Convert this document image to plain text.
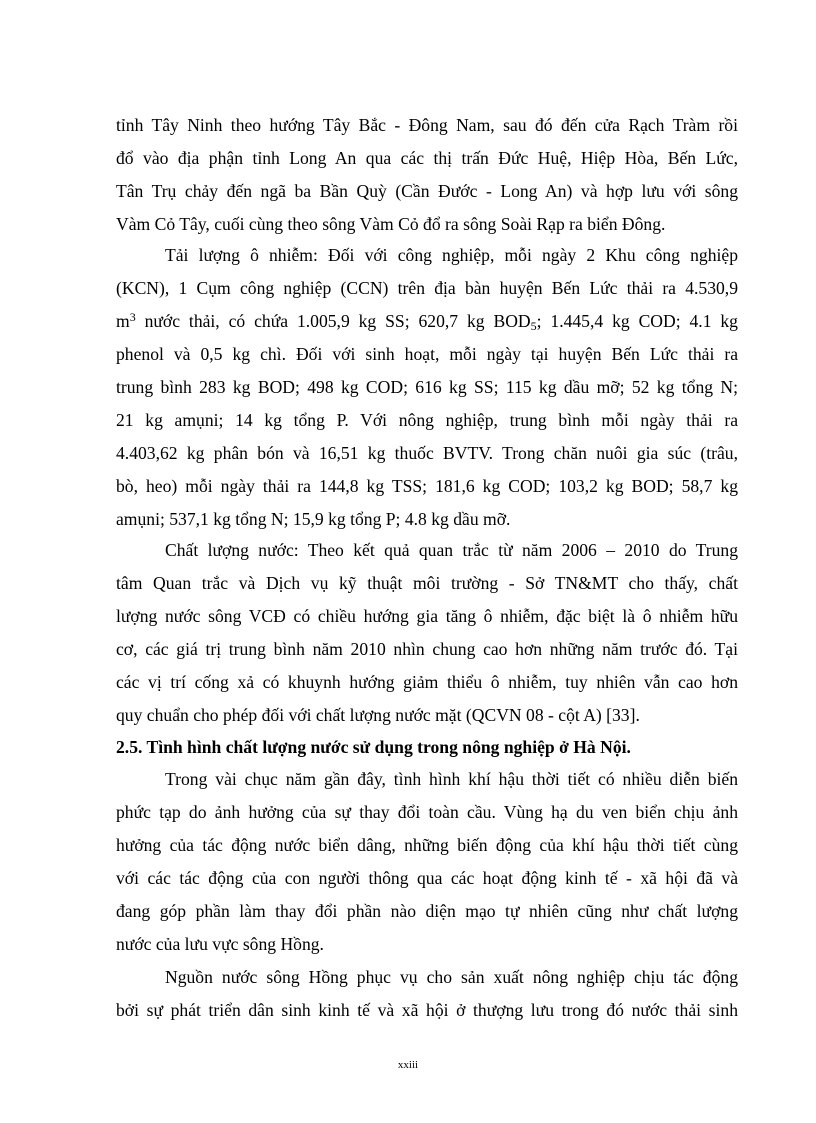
tỉnh Tây Ninh theo hướng Tây Bắc - Đông Nam, sau đó đến cửa Rạch Tràm rồi
đổ vào địa phận tỉnh Long An qua các thị trấn Đức Huệ, Hiệp Hòa, Bến Lức,
Tân Trụ chảy đến ngã ba Bần Quỳ (Cần Đước - Long An) và hợp lưu với sông
Vàm Cỏ Tây, cuối cùng theo sông Vàm Cỏ đổ ra sông Soài Rạp ra biển Đông.
Tải lượng ô nhiễm: Đối với công nghiệp, mỗi ngày 2 Khu công nghiệp
(KCN), 1 Cụm công nghiệp (CCN) trên địa bàn huyện Bến Lức thải ra 4.530,9
$m^3$ nước thải, có chứa 1.005,9 kg SS; 620,7 kg $BOD_5$; 1.445,4 kg COD; 4.1 kg
phenol và 0,5 kg chì. Đối với sinh hoạt, mỗi ngày tại huyện Bến Lức thải ra
trung bình 283 kg BOD; 498 kg COD; 616 kg SS; 115 kg dầu mỡ; 52 kg tổng N;
21 kg amụni; 14 kg tổng P. Với nông nghiệp, trung bình mỗi ngày thải ra
4.403,62 kg phân bón và 16,51 kg thuốc BVTV. Trong chăn nuôi gia súc (trâu,
bò, heo) mỗi ngày thải ra 144,8 kg TSS; 181,6 kg COD; 103,2 kg BOD; 58,7 kg
amụni; 537,1 kg tổng N; 15,9 kg tổng P; 4.8 kg dầu mỡ.
Chất lượng nước: Theo kết quả quan trắc từ năm 2006 – 2010 do Trung
tâm Quan trắc và Dịch vụ kỹ thuật môi trường - Sở TN&MT cho thấy, chất
lượng nước sông VCĐ có chiều hướng gia tăng ô nhiễm, đặc biệt là ô nhiễm hữu
cơ, các giá trị trung bình năm 2010 nhìn chung cao hơn những năm trước đó. Tại
các vị trí cống xả có khuynh hướng giảm thiểu ô nhiễm, tuy nhiên vẫn cao hơn
quy chuẩn cho phép đối với chất lượng nước mặt (QCVN 08 - cột A) [33].
2.5. Tình hình chất lượng nước sử dụng trong nông nghiệp ở Hà Nội.
Trong vài chục năm gần đây, tình hình khí hậu thời tiết có nhiều diễn biến
phức tạp do ảnh hưởng của sự thay đổi toàn cầu. Vùng hạ du ven biển chịu ảnh
hưởng của tác động nước biển dâng, những biến động của khí hậu thời tiết cùng
với các tác động của con người thông qua các hoạt động kinh tế - xã hội đã và
đang góp phần làm thay đổi phần nào diện mạo tự nhiên cũng như chất lượng
nước của lưu vực sông Hồng.
Nguồn nước sông Hồng phục vụ cho sản xuất nông nghiệp chịu tác động
bởi sự phát triển dân sinh kinh tế và xã hội ở thượng lưu trong đó nước thải sinh
xxiii
